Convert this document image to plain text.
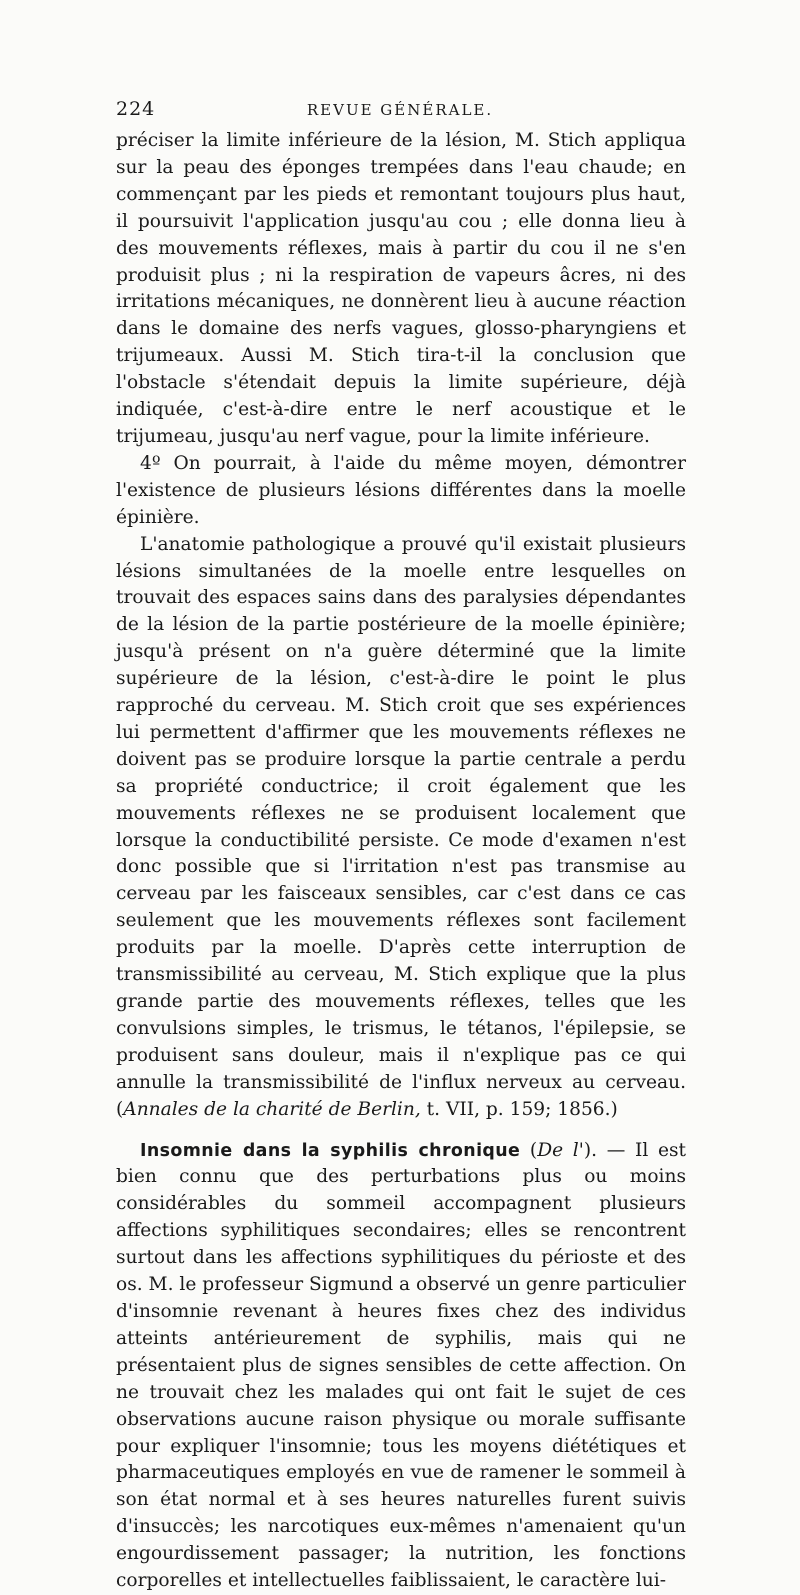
224	REVUE GÉNÉRALE.

préciser la limite inférieure de la lésion, M. Stich appliqua sur la peau des éponges trempées dans l'eau chaude; en commençant par les pieds et remontant toujours plus haut, il poursuivit l'application jusqu'au cou ; elle donna lieu à des mouvements réflexes, mais à partir du cou il ne s'en produisit plus ; ni la respiration de vapeurs âcres, ni des irritations mécaniques, ne donnèrent lieu à aucune réaction dans le domaine des nerfs vagues, glosso-pharyngiens et trijumeaux. Aussi M. Stich tira-t-il la conclusion que l'obstacle s'étendait depuis la limite supérieure, déjà indiquée, c'est-à-dire entre le nerf acoustique et le trijumeau, jusqu'au nerf vague, pour la limite inférieure.

4º On pourrait, à l'aide du même moyen, démontrer l'existence de plusieurs lésions différentes dans la moelle épinière.

L'anatomie pathologique a prouvé qu'il existait plusieurs lésions simultanées de la moelle entre lesquelles on trouvait des espaces sains dans des paralysies dépendantes de la lésion de la partie postérieure de la moelle épinière; jusqu'à présent on n'a guère déterminé que la limite supérieure de la lésion, c'est-à-dire le point le plus rapproché du cerveau. M. Stich croit que ses expériences lui permettent d'affirmer que les mouvements réflexes ne doivent pas se produire lorsque la partie centrale a perdu sa propriété conductrice; il croit également que les mouvements réflexes ne se produisent localement que lorsque la conductibilité persiste. Ce mode d'examen n'est donc possible que si l'irritation n'est pas transmise au cerveau par les faisceaux sensibles, car c'est dans ce cas seulement que les mouvements réflexes sont facilement produits par la moelle. D'après cette interruption de transmissibilité au cerveau, M. Stich explique que la plus grande partie des mouvements réflexes, telles que les convulsions simples, le trismus, le tétanos, l'épilepsie, se produisent sans douleur, mais il n'explique pas ce qui annulle la transmissibilité de l'influx nerveux au cerveau. (Annales de la charité de Berlin, t. VII, p. 159; 1856.)

Insomnie dans la syphilis chronique (De l'). — Il est bien connu que des perturbations plus ou moins considérables du sommeil accompagnent plusieurs affections syphilitiques secondaires; elles se rencontrent surtout dans les affections syphilitiques du périoste et des os. M. le professeur Sigmund a observé un genre particulier d'insomnie revenant à heures fixes chez des individus atteints antérieurement de syphilis, mais qui ne présentaient plus de signes sensibles de cette affection. On ne trouvait chez les malades qui ont fait le sujet de ces observations aucune raison physique ou morale suffisante pour expliquer l'insomnie; tous les moyens diététiques et pharmaceutiques employés en vue de ramener le sommeil à son état normal et à ses heures naturelles furent suivis d'insuccès; les narcotiques eux-mêmes n'amenaient qu'un engourdissement passager; la nutrition, les fonctions corporelles et intellectuelles faiblissaient, le caractère lui-
